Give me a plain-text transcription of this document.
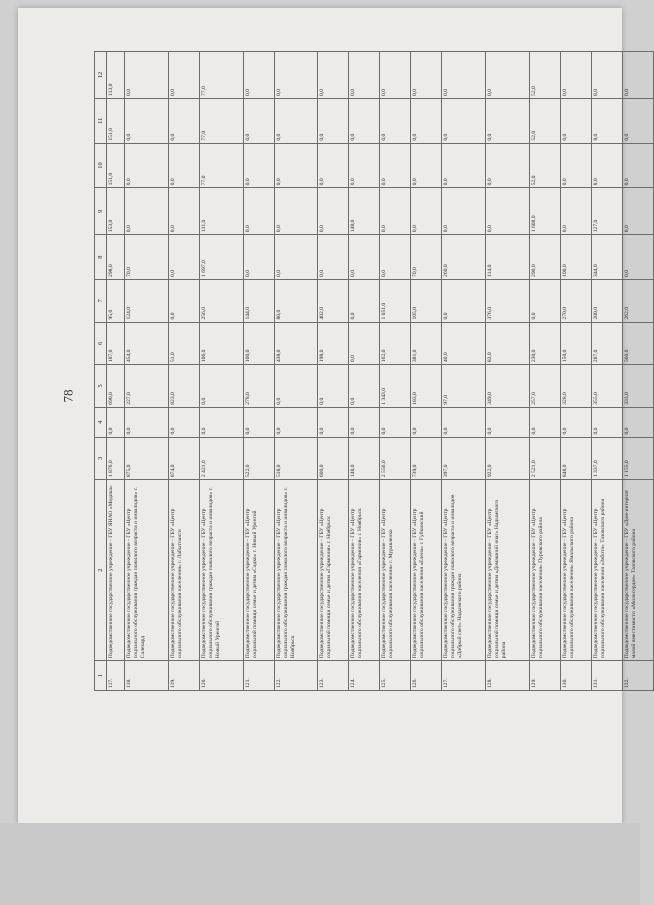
78
1	2	3	4	5	6	7	8	9	10	11	12
117.	Подведомственное государственное учреждение - ГБУ ЯНАО «Медика»	1 876,0	0,0	690,0	187,0	95,0	298,0	153,0	151,0	151,0	113,0
118.	Подведомственное государственное учреждение - ГБУ «Центр социального обслуживания граждан пожилого возраста и инвалидов» г. Салехард	875,0	0,0	227,0	454,0	124,0	70,0	0,0	0,0	0,0	0,0
119.	Подведомственное государственное учреждение - ГБУ «Центр социального обслуживания населения» г. Лабытнанги	874,0	0,0	823,0	51,0	0,0	0,0	0,0	0,0	0,0	0,0
120.	Подведомственное государственное учреждение - ГБУ «Центр социального обслуживания граждан пожилого возраста и инвалидов» г. Новый Уренгой	2 421,0	0,0	0,0	106,0	256,0	1 697,0	131,0	77,0	77,0	77,0
121.	Подведомственное государственное учреждение - ГБУ «Центр социальной помощи семье и детям «Садко» г. Новый Уренгой	522,0	0,0	278,0	100,0	144,0	0,0	0,0	0,0	0,0	0,0
122.	Подведомственное государственное учреждение - ГБУ «Центр социального обслуживания граждан пожилого возраста и инвалидов» г. Ноябрьск	518,0	0,0	0,0	438,0	80,0	0,0	0,0	0,0	0,0	0,0
123.	Подведомственное государственное учреждение - ГБУ «Центр социальной помощи семье и детям «Гармония» г. Ноябрьск	600,0	0,0	0,0	198,0	402,0	0,0	0,0	0,0	0,0	0,0
124.	Подведомственное государственное учреждение - ГБУ «Центр социального обслуживания населения «Гармония» г. Ноябрьск	148,0	0,0	0,0	0,0	0,0	0,0	148,0	0,0	0,0	0,0
125.	Подведомственное государственное учреждение - ГБУ «Центр социального обслуживания населения» г. Муравленко	2 556,0	0,0	1 343,0	162,0	1 051,0	0,0	0,0	0,0	0,0	0,0
126.	Подведомственное государственное учреждение - ГБУ «Центр социального обслуживания населения «Елена» г. Губкинский	739,0	0,0	183,0	381,0	105,0	70,0	0,0	0,0	0,0	0,0
127.	Подведомственное государственное учреждение - ГБУ «Центр социального обслуживания граждан пожилого возраста и инвалидов «Добрый свет» Надымского района	397,0	0,0	97,0	40,0	0,0	260,0	0,0	0,0	0,0	0,0
128.	Подведомственное государственное учреждение - ГБУ «Центр социальной помощи семье и детям «Домашний очаг» Надымского района	922,0	0,0	349,0	83,0	376,0	114,0	0,0	0,0	0,0	0,0
129.	Подведомственное государственное учреждение - ГБУ «Центр социального обслуживания населения» Пуровского района	2 521,0	0,0	257,0	230,0	0,0	290,0	1 608,0	52,0	52,0	52,0
130.	Подведомственное государственное учреждение - ГБУ «Центр социального обслуживания населения» Ямальского района	848,0	0,0	328,0	150,0	270,0	100,0	0,0	0,0	0,0	0,0
131.	Подведомственное государственное учреждение - ГБУ «Центр социального обслуживания населения «Забота» Тазовского района	1 337,0	0,0	355,0	287,0	200,0	344,0	127,0	8,0	8,0	8,0
132.	Подведомственное государственное учреждение - ГБУ «Дом-интернат малой вместимости «Милосердие» Тазовского района	1 155,0	0,0	333,0	560,0	262,0	0,0	0,0	0,0	0,0	0,0
